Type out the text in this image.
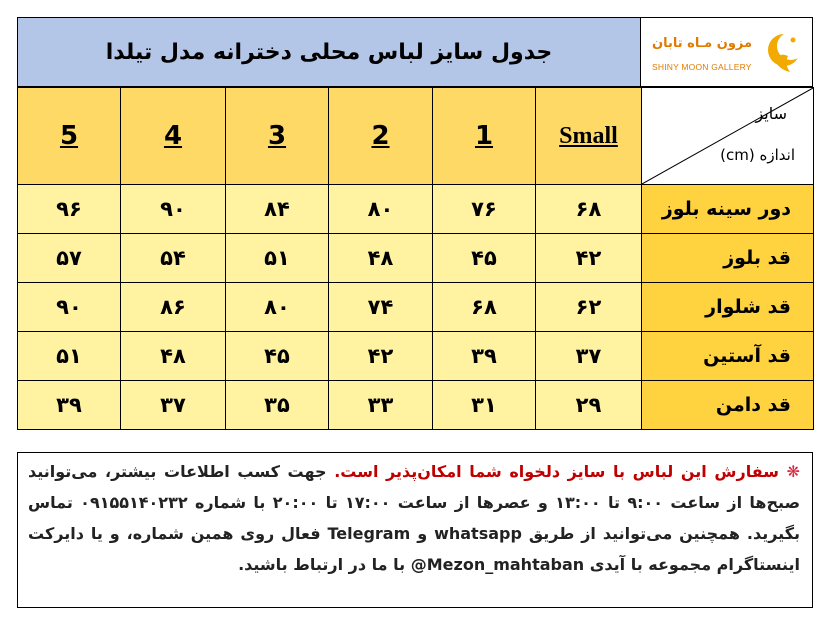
جدول سایز لباس محلی دخترانه مدل تیلدا	مزون مـاه تابان
SHINY MOON GALLERY
5	4	3	2	1	Small	سایز
اندازه (cm)

۹۶	۹۰	۸۴	۸۰	۷۶	۶۸	دور سینه بلوز
۵۷	۵۴	۵۱	۴۸	۴۵	۴۲	قد بلوز
۹۰	۸۶	۸۰	۷۴	۶۸	۶۲	قد شلوار
۵۱	۴۸	۴۵	۴۲	۳۹	۳۷	قد آستین
۳۹	۳۷	۳۵	۳۳	۳۱	۲۹	قد دامن
❋ سفارش این لباس با سایز دلخواه شما امکان‌پذیر است. جهت کسب اطلاعات بیشتر، می‌توانید صبح‌ها از ساعت ۹:۰۰ تا ۱۳:۰۰ و عصرها از ساعت ۱۷:۰۰ تا ۲۰:۰۰ با شماره ۰۹۱۵۵۱۴۰۲۳۲ تماس بگیرید. همچنین می‌توانید از طریق whatsapp و Telegram فعال روی همین شماره، و یا دایرکت اینستاگرام مجموعه با آیدی Mezon_mahtaban@ با ما در ارتباط باشید.
